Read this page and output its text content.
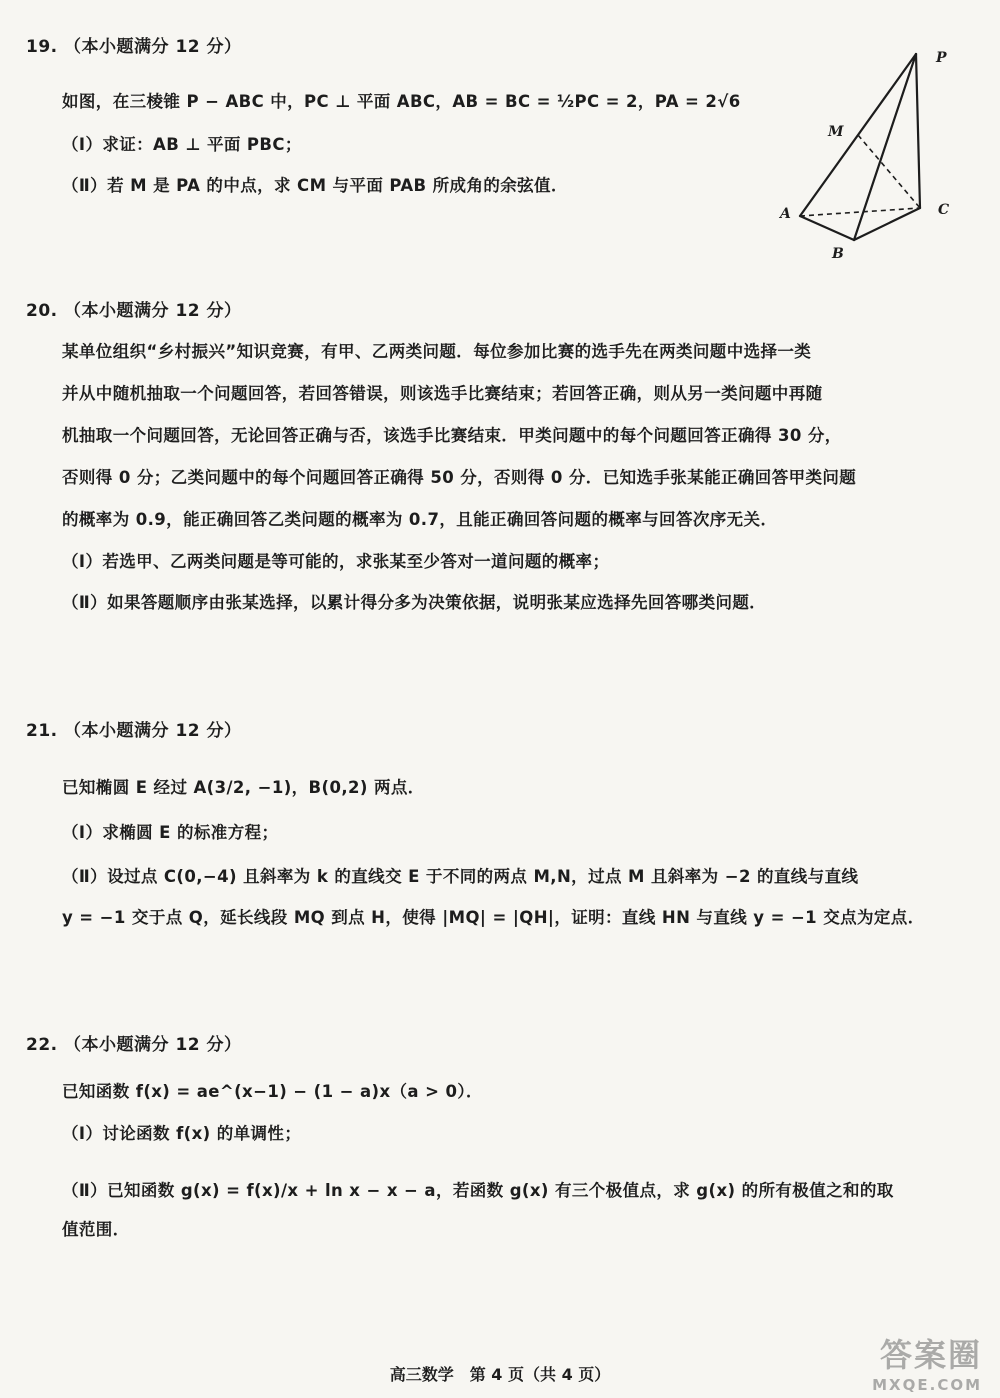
19. （本小题满分 12 分）
如图，在三棱锥 P − ABC 中，PC ⊥ 平面 ABC，AB = BC = ½PC = 2，PA = 2√6
（Ⅰ）求证：AB ⊥ 平面 PBC；
（Ⅱ）若 M 是 PA 的中点，求 CM 与平面 PAB 所成角的余弦值．
P
M
A
B
C
20. （本小题满分 12 分）
某单位组织“乡村振兴”知识竞赛，有甲、乙两类问题．每位参加比赛的选手先在两类问题中选择一类
并从中随机抽取一个问题回答，若回答错误，则该选手比赛结束；若回答正确，则从另一类问题中再随
机抽取一个问题回答，无论回答正确与否，该选手比赛结束．甲类问题中的每个问题回答正确得 30 分，
否则得 0 分；乙类问题中的每个问题回答正确得 50 分，否则得 0 分．已知选手张某能正确回答甲类问题
的概率为 0.9，能正确回答乙类问题的概率为 0.7，且能正确回答问题的概率与回答次序无关．
（Ⅰ）若选甲、乙两类问题是等可能的，求张某至少答对一道问题的概率；
（Ⅱ）如果答题顺序由张某选择，以累计得分多为决策依据，说明张某应选择先回答哪类问题．
21. （本小题满分 12 分）
已知椭圆 E 经过 A(3/2, −1)，B(0,2) 两点．
（Ⅰ）求椭圆 E 的标准方程；
（Ⅱ）设过点 C(0,−4) 且斜率为 k 的直线交 E 于不同的两点 M,N，过点 M 且斜率为 −2 的直线与直线
y = −1 交于点 Q，延长线段 MQ 到点 H，使得 |MQ| = |QH|，证明：直线 HN 与直线 y = −1 交点为定点．
22. （本小题满分 12 分）
已知函数 f(x) = ae^(x−1) − (1 − a)x（a > 0）．
（Ⅰ）讨论函数 f(x) 的单调性；
（Ⅱ）已知函数 g(x) = f(x)/x + ln x − x − a，若函数 g(x) 有三个极值点，求 g(x) 的所有极值之和的取
值范围．
高三数学　第 4 页（共 4 页）
答案圈
MXQE.COM
